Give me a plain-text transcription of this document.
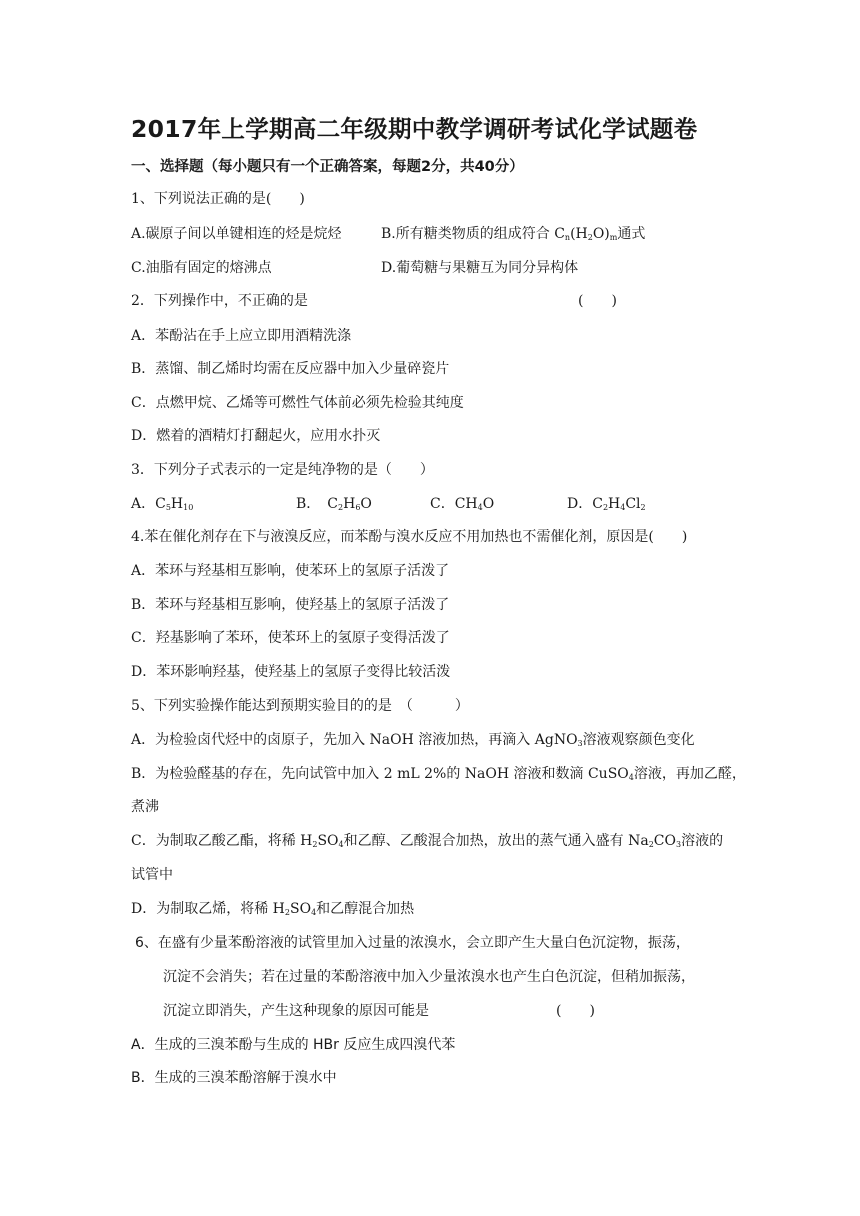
2017年上学期高二年级期中教学调研考试化学试题卷
一、选择题（每小题只有一个正确答案，每题2分，共40分）
1、下列说法正确的是(　　)
A.碳原子间以单键相连的烃是烷烃	B.所有糖类物质的组成符合 $C_n(H_2O)_m$通式
C.油脂有固定的熔沸点	D.葡萄糖与果糖互为同分异构体
2．下列操作中，不正确的是	(　　)
A．苯酚沾在手上应立即用酒精洗涤
B．蒸馏、制乙烯时均需在反应器中加入少量碎瓷片
C．点燃甲烷、乙烯等可燃性气体前必须先检验其纯度
D．燃着的酒精灯打翻起火，应用水扑灭
3．下列分子式表示的一定是纯净物的是（　　）
A．$C_5H_{10}$	B．　$C_2H_6O$	C．$CH_4O$	D．$C_2H_4Cl_2$
4.苯在催化剂存在下与液溴反应，而苯酚与溴水反应不用加热也不需催化剂，原因是(　　)
A．苯环与羟基相互影响，使苯环上的氢原子活泼了
B．苯环与羟基相互影响，使羟基上的氢原子活泼了
C．羟基影响了苯环，使苯环上的氢原子变得活泼了
D．苯环影响羟基，使羟基上的氢原子变得比较活泼
5、下列实验操作能达到预期实验目的的是　（　　　）
A．为检验卤代烃中的卤原子，先加入 NaOH 溶液加热，再滴入 AgNO$_3$溶液观察颜色变化
B．为检验醛基的存在，先向试管中加入 2 mL 2%的 NaOH 溶液和数滴 CuSO$_4$溶液，再加乙醛，
煮沸
C．为制取乙酸乙酯，将稀 $H_2SO_4$和乙醇、乙酸混合加热，放出的蒸气通入盛有 $Na_2CO_3$溶液的
试管中
D．为制取乙烯，将稀 $H_2SO_4$和乙醇混合加热
6、在盛有少量苯酚溶液的试管里加入过量的浓溴水，会立即产生大量白色沉淀物，振荡，
沉淀不会消失；若在过量的苯酚溶液中加入少量浓溴水也产生白色沉淀，但稍加振荡，
沉淀立即消失，产生这种现象的原因可能是	(　　)
A．生成的三溴苯酚与生成的 HBr 反应生成四溴代苯
B．生成的三溴苯酚溶解于溴水中
